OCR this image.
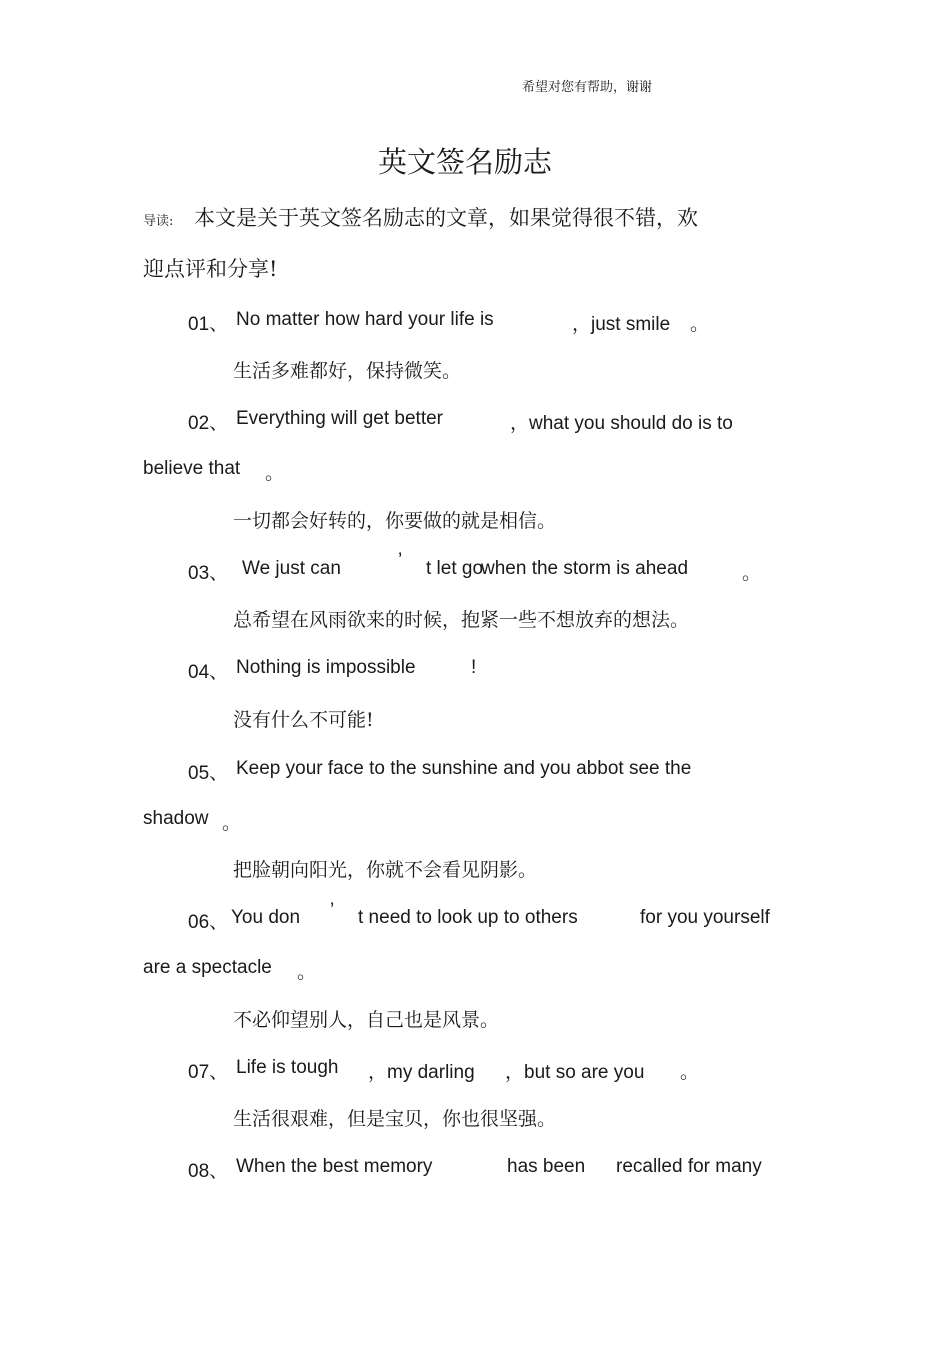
希望对您有帮助，谢谢
英文签名励志
导读: 本文是关于英文签名励志的文章，如果觉得很不错，欢
迎点评和分享!
01、 No matter how hard your life is	，just smile 。
生活多难都好，保持微笑。
02、 Everything will get better	，what you should do is to
believe that 。
一切都会好转的，你要做的就是相信。
03、 We just can	’ t let go
when the storm is ahead	。
总希望在风雨欲来的时候，抱紧一些不想放弃的想法。
04、 Nothing is impossible	!
没有什么不可能!
05、 Keep your face to the sunshine and you abbot see the
shadow 。
把脸朝向阳光，你就不会看见阴影。
06、 You don ’ t need to look up to others	for you yourself
are a spectacle 。
不必仰望别人，自己也是风景。
07、 Life is tough ，my darling ，but so are you 。
生活很艰难，但是宝贝，你也很坚强。
08、 When the best memory	has been recalled for many
